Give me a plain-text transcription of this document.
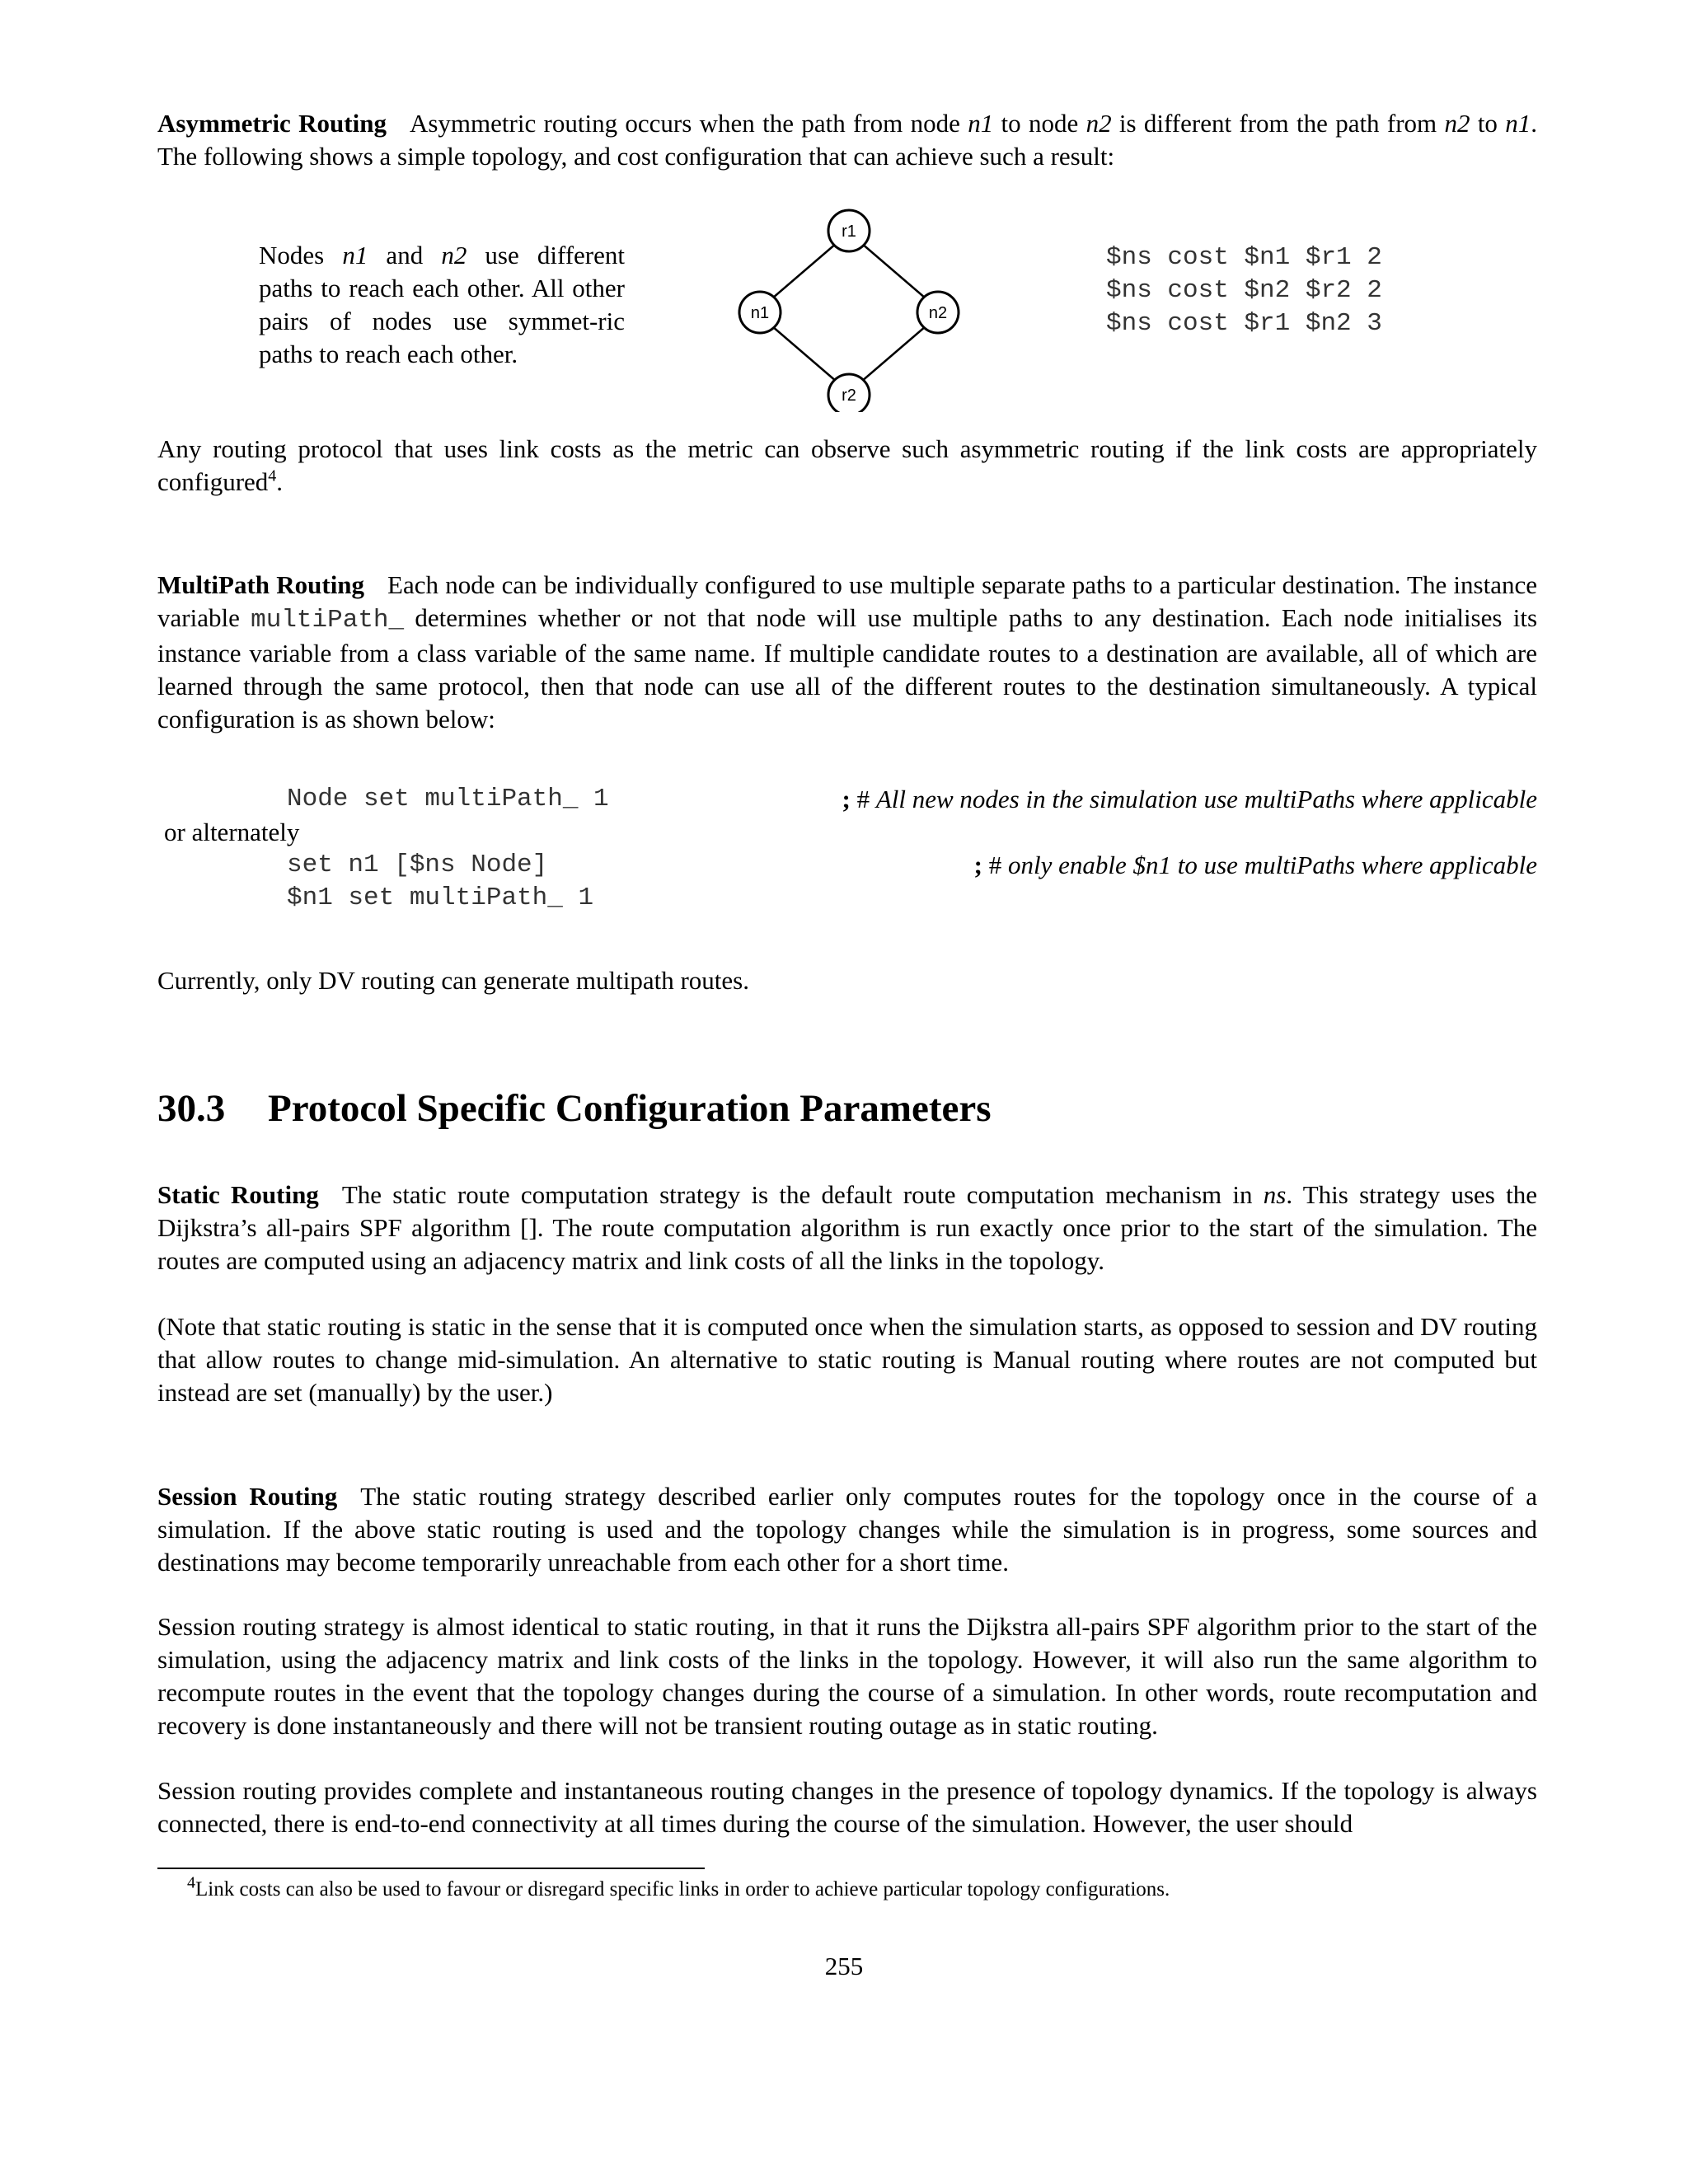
Asymmetric Routing Asymmetric routing occurs when the path from node n1 to node n2 is different from the path from n2 to n1. The following shows a simple topology, and cost configuration that can achieve such a result:

Nodes n1 and n2 use different paths to reach each other. All other pairs of nodes use symmet-ric paths to reach each other.

r1
n1	n2
r2
$ns cost $n1 $r1 2
$ns cost $n2 $r2 2
$ns cost $r1 $n2 3

Any routing protocol that uses link costs as the metric can observe such asymmetric routing if the link costs are appropriately configured$^4$.

MultiPath Routing Each node can be individually configured to use multiple separate paths to a particular destination. The instance variable multiPath_ determines whether or not that node will use multiple paths to any destination. Each node initialises its instance variable from a class variable of the same name. If multiple candidate routes to a destination are available, all of which are learned through the same protocol, then that node can use all of the different routes to the destination simultaneously. A typical configuration is as shown below:

Node set multiPath_ 1	; # All new nodes in the simulation use multiPaths where applicable
or alternately
set n1 [$ns Node]	; # only enable $n1 to use multiPaths where applicable
$n1 set multiPath_ 1

Currently, only DV routing can generate multipath routes.

30.3 Protocol Specific Configuration Parameters

Static Routing The static route computation strategy is the default route computation mechanism in ns. This strategy uses the Dijkstra’s all-pairs SPF algorithm []. The route computation algorithm is run exactly once prior to the start of the simulation. The routes are computed using an adjacency matrix and link costs of all the links in the topology.

(Note that static routing is static in the sense that it is computed once when the simulation starts, as opposed to session and DV routing that allow routes to change mid-simulation. An alternative to static routing is Manual routing where routes are not computed but instead are set (manually) by the user.)

Session Routing The static routing strategy described earlier only computes routes for the topology once in the course of a simulation. If the above static routing is used and the topology changes while the simulation is in progress, some sources and destinations may become temporarily unreachable from each other for a short time.

Session routing strategy is almost identical to static routing, in that it runs the Dijkstra all-pairs SPF algorithm prior to the start of the simulation, using the adjacency matrix and link costs of the links in the topology. However, it will also run the same algorithm to recompute routes in the event that the topology changes during the course of a simulation. In other words, route recomputation and recovery is done instantaneously and there will not be transient routing outage as in static routing.

Session routing provides complete and instantaneous routing changes in the presence of topology dynamics. If the topology is always connected, there is end-to-end connectivity at all times during the course of the simulation. However, the user should

$^4$Link costs can also be used to favour or disregard specific links in order to achieve particular topology configurations.

255
